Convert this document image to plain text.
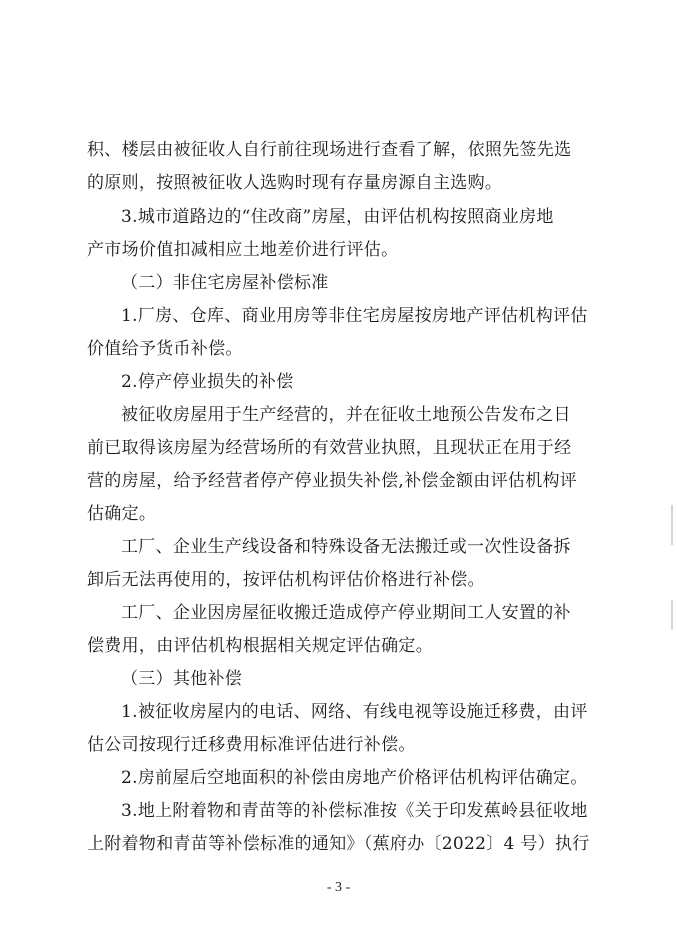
积、楼层由被征收人自行前往现场进行查看了解，依照先签先选
的原则，按照被征收人选购时现有存量房源自主选购。
3.城市道路边的“住改商”房屋，由评估机构按照商业房地
产市场价值扣减相应土地差价进行评估。
（二）非住宅房屋补偿标准
1.厂房、仓库、商业用房等非住宅房屋按房地产评估机构评估
价值给予货币补偿。
2.停产停业损失的补偿
被征收房屋用于生产经营的，并在征收土地预公告发布之日
前已取得该房屋为经营场所的有效营业执照，且现状正在用于经
营的房屋，给予经营者停产停业损失补偿,补偿金额由评估机构评
估确定。
工厂、企业生产线设备和特殊设备无法搬迁或一次性设备拆
卸后无法再使用的，按评估机构评估价格进行补偿。
工厂、企业因房屋征收搬迁造成停产停业期间工人安置的补
偿费用，由评估机构根据相关规定评估确定。
（三）其他补偿
1.被征收房屋内的电话、网络、有线电视等设施迁移费，由评
估公司按现行迁移费用标准评估进行补偿。
2.房前屋后空地面积的补偿由房地产价格评估机构评估确定。
3.地上附着物和青苗等的补偿标准按《关于印发蕉岭县征收地
上附着物和青苗等补偿标准的通知》（蕉府办〔2022〕4 号）执行
- 3 -
